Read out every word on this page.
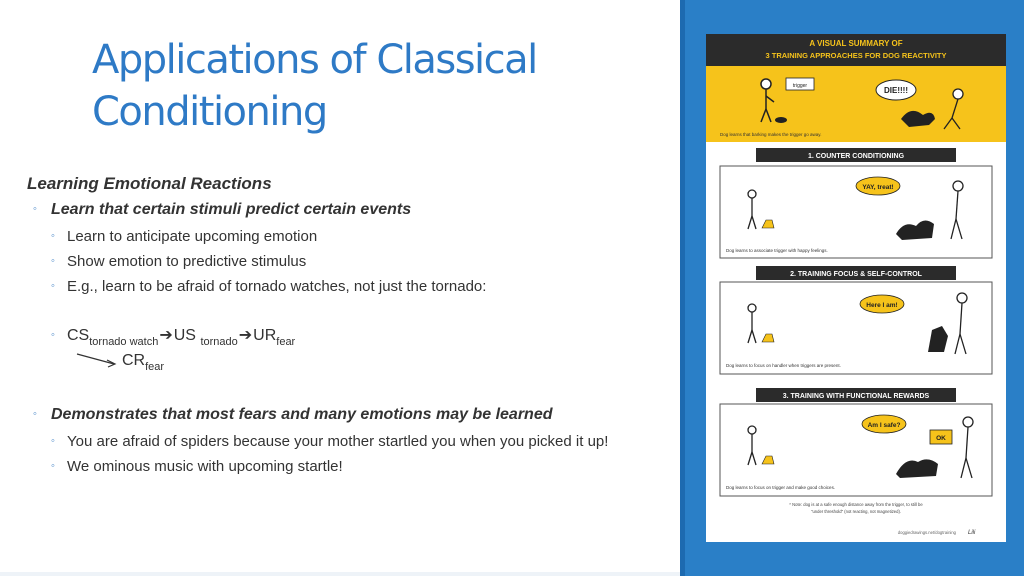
Applications of Classical Conditioning
Learning Emotional Reactions
◦ Learn that certain stimuli predict certain events
◦ Learn to anticipate upcoming emotion
◦ Show emotion to predictive stimulus
◦ E.g., learn to be afraid of tornado watches, not just the tornado:
◦ $CS_{tornado watch}➔US$ $_{tornado}➔UR_{fear}$
$CR_{fear}$
◦ Demonstrates that most fears and many emotions may be learned
◦ You are afraid of spiders because your mother startled you when you picked it up!
◦ We ominous music with upcoming startle!
A VISUAL SUMMARY OF
3 TRAINING APPROACHES FOR DOG REACTIVITY
trigger	DIE!!!!
Dog learns that barking makes the trigger go away.
1. COUNTER CONDITIONING
YAY, treat!
Dog learns to associate trigger with happy feelings.
2. TRAINING FOCUS & SELF-CONTROL
Here I am!
Dog learns to focus on handler when triggers are present.
3. TRAINING WITH FUNCTIONAL REWARDS
Am I safe?
OK
Dog learns to focus on trigger and make good choices.
* Note: dog is at a safe enough distance away from the trigger, to still be
"under threshold" (not reacting, not magnetized).
doggiedrawings.net/dogtraining Lili
